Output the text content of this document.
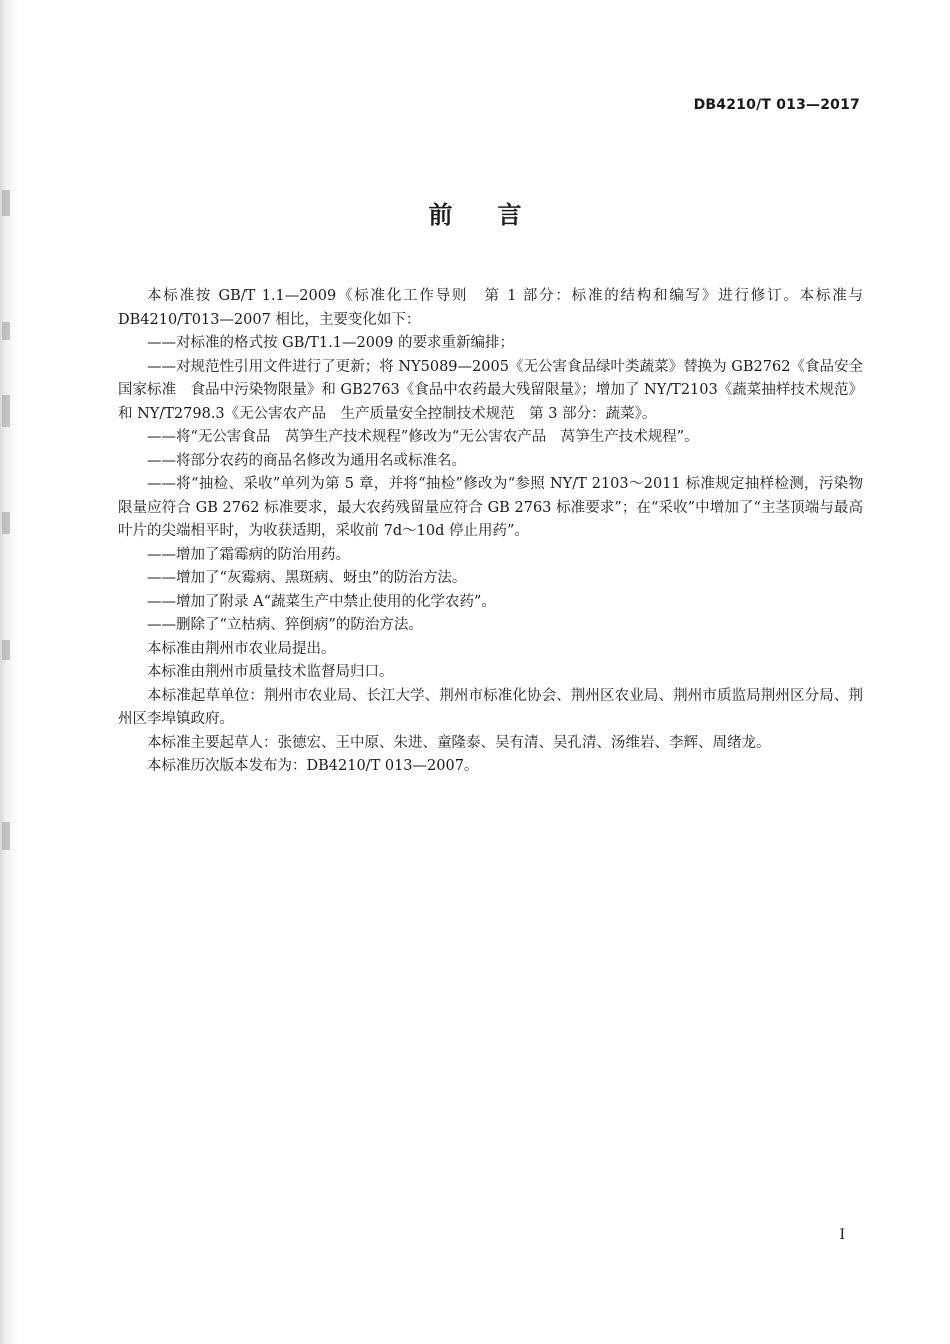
DB4210/T 013—2017
前言

本标准按 GB/T 1.1—2009《标准化工作导则　第 1 部分：标准的结构和编写》进行修订。本标准与 DB4210/T013—2007 相比，主要变化如下：

——对标准的格式按 GB/T1.1—2009 的要求重新编排；

——对规范性引用文件进行了更新；将 NY5089—2005《无公害食品绿叶类蔬菜》替换为 GB2762《食品安全国家标准　食品中污染物限量》和 GB2763《食品中农药最大残留限量》；增加了 NY/T2103《蔬菜抽样技术规范》和 NY/T2798.3《无公害农产品　生产质量安全控制技术规范　第 3 部分：蔬菜》。

——将“无公害食品　莴笋生产技术规程”修改为“无公害农产品　莴笋生产技术规程”。

——将部分农药的商品名修改为通用名或标准名。

——将“抽检、采收”单列为第 5 章，并将“抽检”修改为“参照 NY/T 2103～2011 标准规定抽样检测，污染物限量应符合 GB 2762 标准要求，最大农药残留量应符合 GB 2763 标准要求”；在“采收”中增加了“主茎顶端与最高叶片的尖端相平时，为收获适期，采收前 7d～10d 停止用药”。

——增加了霜霉病的防治用药。

——增加了“灰霉病、黑斑病、蚜虫”的防治方法。

——增加了附录 A“蔬菜生产中禁止使用的化学农药”。

——删除了“立枯病、猝倒病”的防治方法。

本标准由荆州市农业局提出。

本标准由荆州市质量技术监督局归口。

本标准起草单位：荆州市农业局、长江大学、荆州市标准化协会、荆州区农业局、荆州市质监局荆州区分局、荆州区李埠镇政府。

本标准主要起草人：张德宏、王中原、朱进、童隆泰、吴有清、吴孔清、汤维岩、李辉、周绪龙。

本标准历次版本发布为：DB4210/T 013—2007。

I
